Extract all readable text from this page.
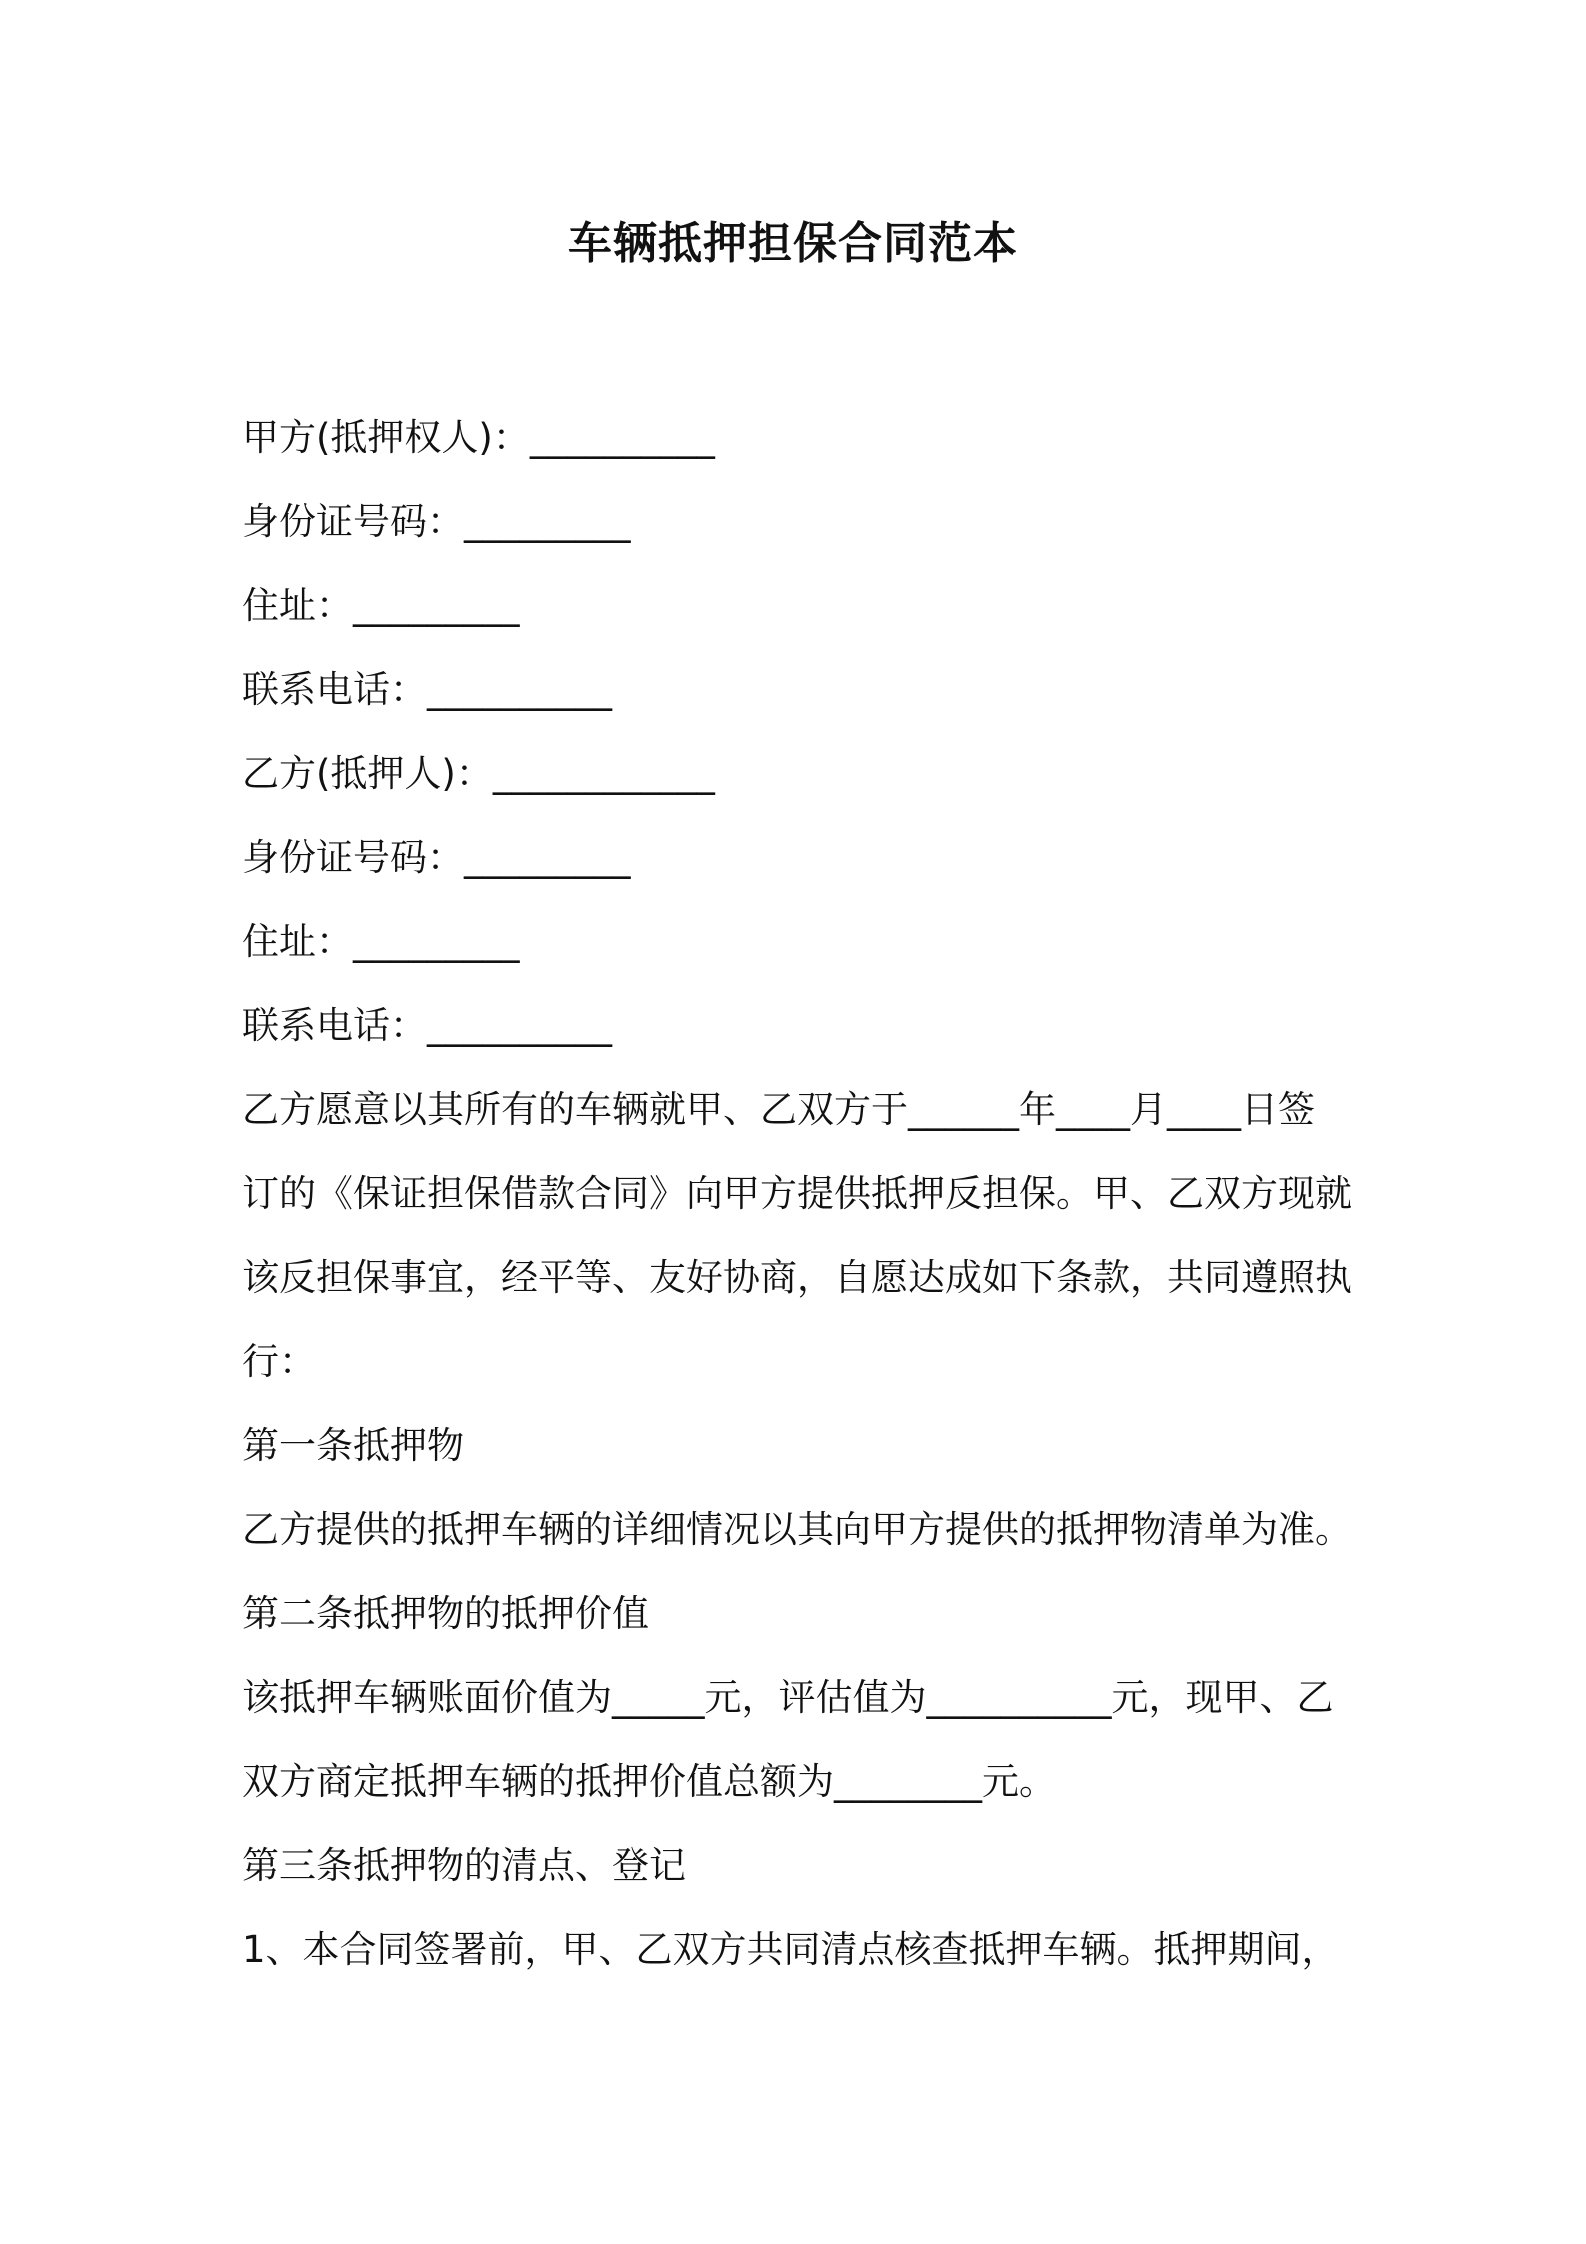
车辆抵押担保合同范本

甲方(抵押权人)：__________

身份证号码：_________

住址：_________

联系电话：__________

乙方(抵押人)：____________

身份证号码：_________

住址：_________

联系电话：__________

乙方愿意以其所有的车辆就甲、乙双方于______年____月____日签

订的《保证担保借款合同》向甲方提供抵押反担保。甲、乙双方现就

该反担保事宜，经平等、友好协商，自愿达成如下条款，共同遵照执

行：

第一条抵押物

乙方提供的抵押车辆的详细情况以其向甲方提供的抵押物清单为准。

第二条抵押物的抵押价值

该抵押车辆账面价值为_____元，评估值为__________元，现甲、乙

双方商定抵押车辆的抵押价值总额为________元。

第三条抵押物的清点、登记

1、本合同签署前，甲、乙双方共同清点核查抵押车辆。抵押期间，
